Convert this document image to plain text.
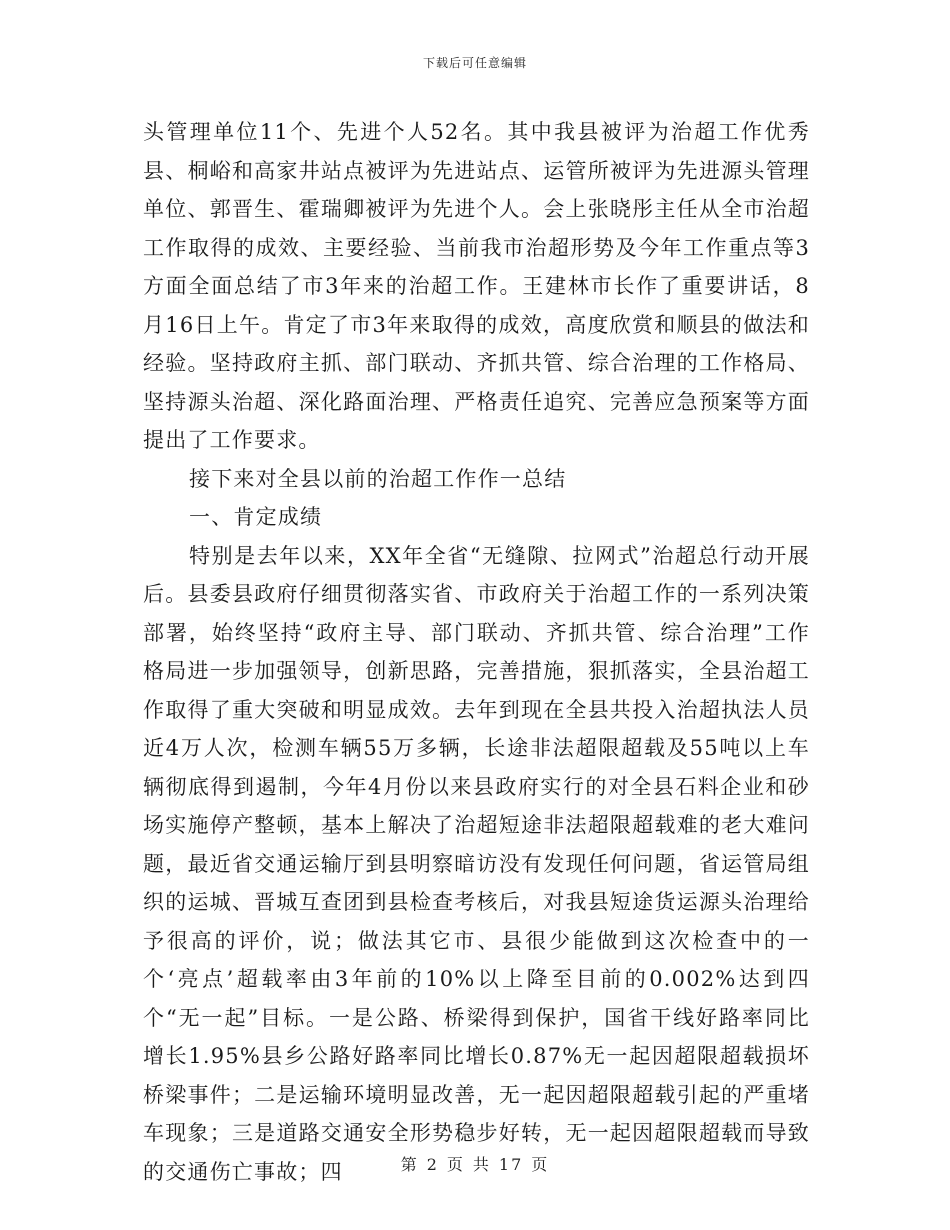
下载后可任意编辑

头管理单位11个、先进个人52名。其中我县被评为治超工作优秀县、桐峪和高家井站点被评为先进站点、运管所被评为先进源头管理单位、郭晋生、霍瑞卿被评为先进个人。会上张晓彤主任从全市治超工作取得的成效、主要经验、当前我市治超形势及今年工作重点等3方面全面总结了市3年来的治超工作。王建林市长作了重要讲话，8月16日上午。肯定了市3年来取得的成效，高度欣赏和顺县的做法和经验。坚持政府主抓、部门联动、齐抓共管、综合治理的工作格局、坚持源头治超、深化路面治理、严格责任追究、完善应急预案等方面提出了工作要求。

接下来对全县以前的治超工作作一总结

一、肯定成绩

特别是去年以来，XX年全省“无缝隙、拉网式”治超总行动开展后。县委县政府仔细贯彻落实省、市政府关于治超工作的一系列决策部署，始终坚持“政府主导、部门联动、齐抓共管、综合治理”工作格局进一步加强领导，创新思路，完善措施，狠抓落实，全县治超工作取得了重大突破和明显成效。去年到现在全县共投入治超执法人员近4万人次，检测车辆55万多辆，长途非法超限超载及55吨以上车辆彻底得到遏制，今年4月份以来县政府实行的对全县石料企业和砂场实施停产整顿，基本上解决了治超短途非法超限超载难的老大难问题，最近省交通运输厅到县明察暗访没有发现任何问题，省运管局组织的运城、晋城互查团到县检查考核后，对我县短途货运源头治理给予很高的评价，说；做法其它市、县很少能做到这次检查中的一个‘亮点’超载率由3年前的10%以上降至目前的0.002%达到四个“无一起”目标。一是公路、桥梁得到保护，国省干线好路率同比增长1.95%县乡公路好路率同比增长0.87%无一起因超限超载损坏桥梁事件；二是运输环境明显改善，无一起因超限超载引起的严重堵车现象；三是道路交通安全形势稳步好转，无一起因超限超载而导致的交通伤亡事故；四	第 2 页 共 17 页
